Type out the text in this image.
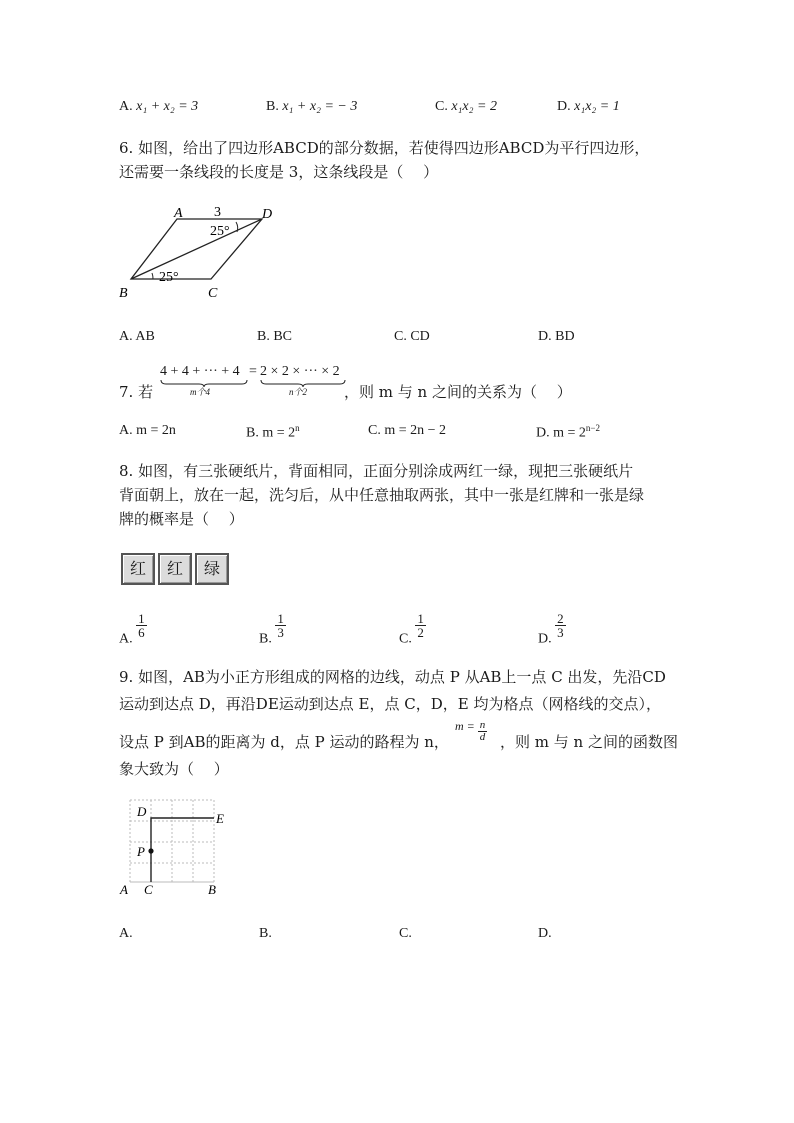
A. x₁ + x₂ = 3	B. x₁ + x₂ = − 3	C. x₁x₂ = 2	D. x₁x₂ = 1
6. 如图，给出了四边形ABCD的部分数据，若使得四边形ABCD为平行四边形，
还需要一条线段的长度是 3，这条线段是（　 ）
A	D
B	C
3
25°
25°
A. AB	B. BC	C. CD	D. BD
7. 若
4 + 4 + ··· + 4
m个4
= 2 × 2 × ··· × 2
n个2 ，则 m 与 n 之间的关系为（　 ）
A. m = 2n	B. $m = 2^n$	C. m = 2n − 2	D. $m = 2^{n-2}$
8. 如图，有三张硬纸片，背面相同，正面分别涂成两红一绿，现把三张硬纸片
背面朝上，放在一起，洗匀后，从中任意抽取两张，其中一张是红牌和一张是绿
牌的概率是（　 ）
红	红	绿
A.
$\frac{1}{6}$
B.
$\frac{1}{3}$
C.
$\frac{1}{2}$
D.
$\frac{2}{3}$
9. 如图，AB为小正方形组成的网格的边线，动点 P 从AB上一点 C 出发，先沿CD
运动到达点 D，再沿DE运动到达点 E，点 C，D，E 均为格点（网格线的交点），
设点 P 到AB的距离为 d，点 P 运动的路程为 n，
$m = \frac{n}{d}$ ，则 m 与 n 之间的函数图
象大致为（　 ）
D	E
P
A C	B
A.	B.	C.	D.
